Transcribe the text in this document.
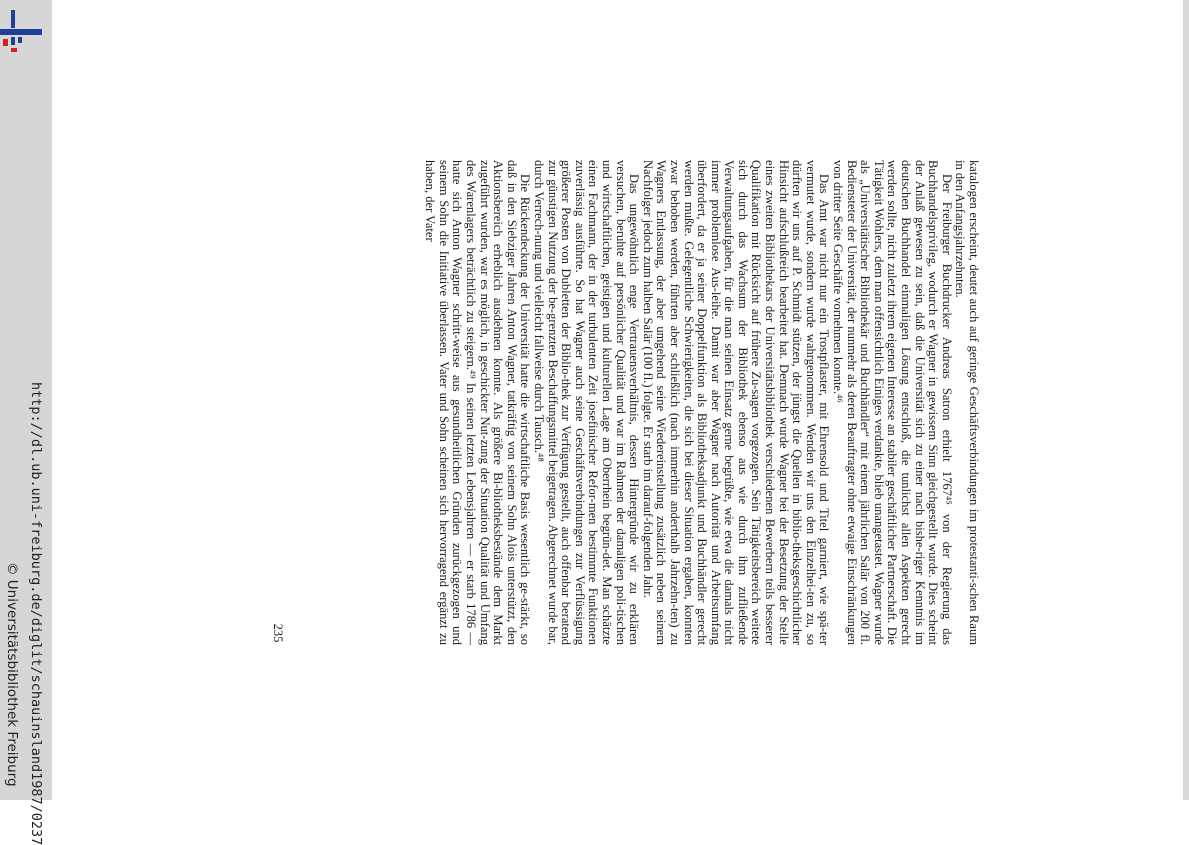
http://dl.ub.uni-freiburg.de/diglit/schauinsland1987/0237
© Universitätsbibliothek Freiburg

katalogen erscheint, deutet auch auf geringe Geschäftsverbindungen im protestanti-schen Raum in den Anfangsjahrzehnten.

Der Freiburger Buchdrucker Andreas Satron erhielt 1767⁴⁵ von der Regierung das Buchhandelsprivileg, wodurch er Wagner in gewissem Sinn gleichgestellt wurde. Dies scheint der Anlaß gewesen zu sein, daß die Universität sich zu einer nach bishe-riger Kenntnis im deutschen Buchhandel einmaligen Lösung entschloß, die tunlichst allen Aspekten gerecht werden sollte, nicht zuletzt ihrem eigenen Interesse an stabiler geschäftlicher Partnerschaft. Die Tätigkeit Wohlers, dem man offensichtlich Einiges verdankte, blieb unangetastet. Wagner wurde als „Universitätischer Bibliothekär und Buchhändler“ mit einem jährlichen Salär von 200 fl. Bediensteter der Universität, der nunmehr als deren Beauftragter ohne etwaige Einschränkungen von dritter Seite Geschäfte vornehmen konnte.⁴⁶

Das Amt war nicht nur ein Trostpflaster, mit Ehrensold und Titel garniert, wie spä-ter vermutet wurde, sondern wurde wahrgenommen. Wenden wir uns den Einzelhei-ten zu, so dürften wir uns auf P. Schmidt stützen, der jüngst die Quellen in biblio-theksgeschichtlicher Hinsicht aufschlußreich bearbeitet hat. Demnach wurde Wagner bei der Besetzung der Stelle eines zweiten Bibliothekars der Universitätsbibliothek verschiedenen Bewerbern teils besserer Qualifikation mit Rücksicht auf frühere Zu-sagen vorgezogen. Sein Tätigkeitsbereich weitete sich durch das Wachsum der Bibliothek ebenso aus wie durch ihm zufließende Verwaltungsaufgaben, für die man seinen Einsatz gerne begrüßte, wie etwa die damals nicht immer problemlose Aus-leihe. Damit war aber Wagner nach Autorität und Arbeitsumfang überfordert, da er ja seiner Doppelfunktion als Bibliotheksadjunkt und Buchhändler gerecht werden mußte. Gelegentliche Schwierigkeiten, die sich bei dieser Situation ergaben, konnten zwar behoben werden, führten aber schließlich (nach immerhin anderthalb Jahrzehn-ten) zu Wagners Entlassung, der aber umgehend seine Wiedereinstellung zusätzlich neben seinem Nachfolger jedoch zum halben Salär (100 fl.) folgte. Er starb im darauf-folgenden Jahr.

Das ungewöhnlich enge Vertrauensverhältnis, dessen Hintergründe wir zu erklären versuchen, beruhte auf persönlicher Qualität und war im Rahmen der damaligen poli-tischen und wirtschaftlichen, geistigen und kulturellen Lage am Oberrhein begrün-det. Man schätzte einen Fachmann, der in der turbulenten Zeit josefinischer Refor-men bestimmte Funktionen zuverlässig ausführte. So hat Wagner auch seine Geschäftsverbindungen zur Verflüssigung größerer Posten von Dubletten der Biblio-thek zur Verfügung gestellt, auch offenbar beratend zur günstigen Nutzung der be-grenzten Beschaffungsmittel beigetragen. Abgerechnet wurde bar, durch Verrech-nung und vielleicht fallweise durch Tausch.⁴⁸

Die Rückendeckung der Universität hatte die wirtschaftliche Basis wesentlich ge-stärkt, so daß in den Siebziger Jahren Anton Wagner, tatkräftig von seinem Sohn Alois unterstützt, den Aktionsbereich erheblich ausdehnen konnte. Als größere Bi-bliotheksbestände dem Markt zugeführt wurden, war es möglich, in geschickter Nut-zung der Situation Qualität und Umfang des Warenlagers beträchtlich zu steigern.⁴⁹ In seinen letzten Lebensjahren — er starb 1786 — hatte sich Anton Wagner schritt-weise aus gesundheitlichen Gründen zurückgezogen und seinem Sohn die Initiative überlassen. Vater und Sohn scheinen sich hervorragend ergänzt zu haben, der Vater

235
